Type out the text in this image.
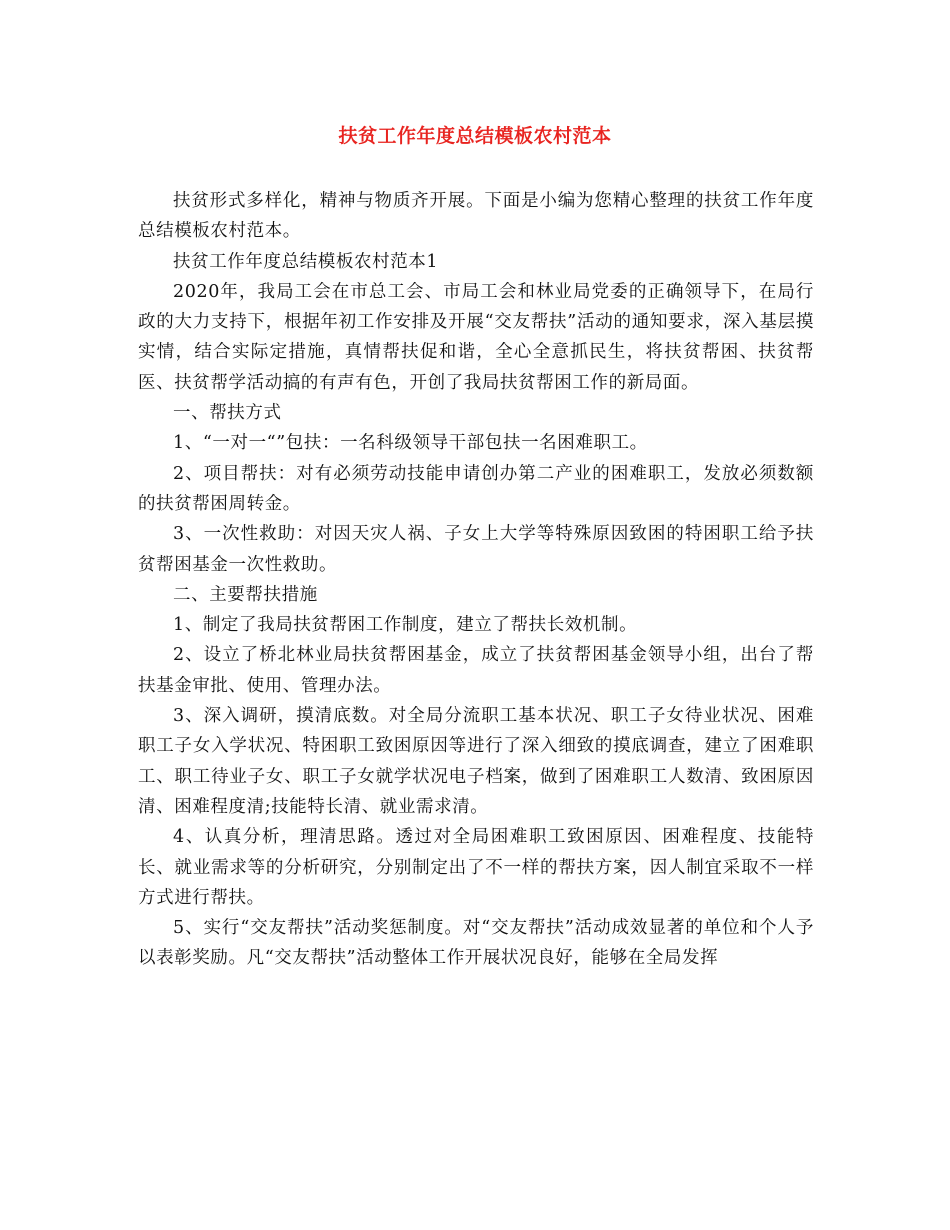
扶贫工作年度总结模板农村范本

扶贫形式多样化，精神与物质齐开展。下面是小编为您精心整理的扶贫工作年度总结模板农村范本。

扶贫工作年度总结模板农村范本1

2020年，我局工会在市总工会、市局工会和林业局党委的正确领导下，在局行政的大力支持下，根据年初工作安排及开展“交友帮扶”活动的通知要求，深入基层摸实情，结合实际定措施，真情帮扶促和谐，全心全意抓民生，将扶贫帮困、扶贫帮医、扶贫帮学活动搞的有声有色，开创了我局扶贫帮困工作的新局面。

一、帮扶方式

1、“一对一“”包扶：一名科级领导干部包扶一名困难职工。

2、项目帮扶：对有必须劳动技能申请创办第二产业的困难职工，发放必须数额的扶贫帮困周转金。

3、一次性救助：对因天灾人祸、子女上大学等特殊原因致困的特困职工给予扶贫帮困基金一次性救助。

二、主要帮扶措施

1、制定了我局扶贫帮困工作制度，建立了帮扶长效机制。

2、设立了桥北林业局扶贫帮困基金，成立了扶贫帮困基金领导小组，出台了帮扶基金审批、使用、管理办法。

3、深入调研，摸清底数。对全局分流职工基本状况、职工子女待业状况、困难职工子女入学状况、特困职工致困原因等进行了深入细致的摸底调查，建立了困难职工、职工待业子女、职工子女就学状况电子档案，做到了困难职工人数清、致困原因清、困难程度清;技能特长清、就业需求清。

4、认真分析，理清思路。透过对全局困难职工致困原因、困难程度、技能特长、就业需求等的分析研究，分别制定出了不一样的帮扶方案，因人制宜采取不一样方式进行帮扶。

5、实行“交友帮扶”活动奖惩制度。对“交友帮扶”活动成效显著的单位和个人予以表彰奖励。凡“交友帮扶”活动整体工作开展状况良好，能够在全局发挥
